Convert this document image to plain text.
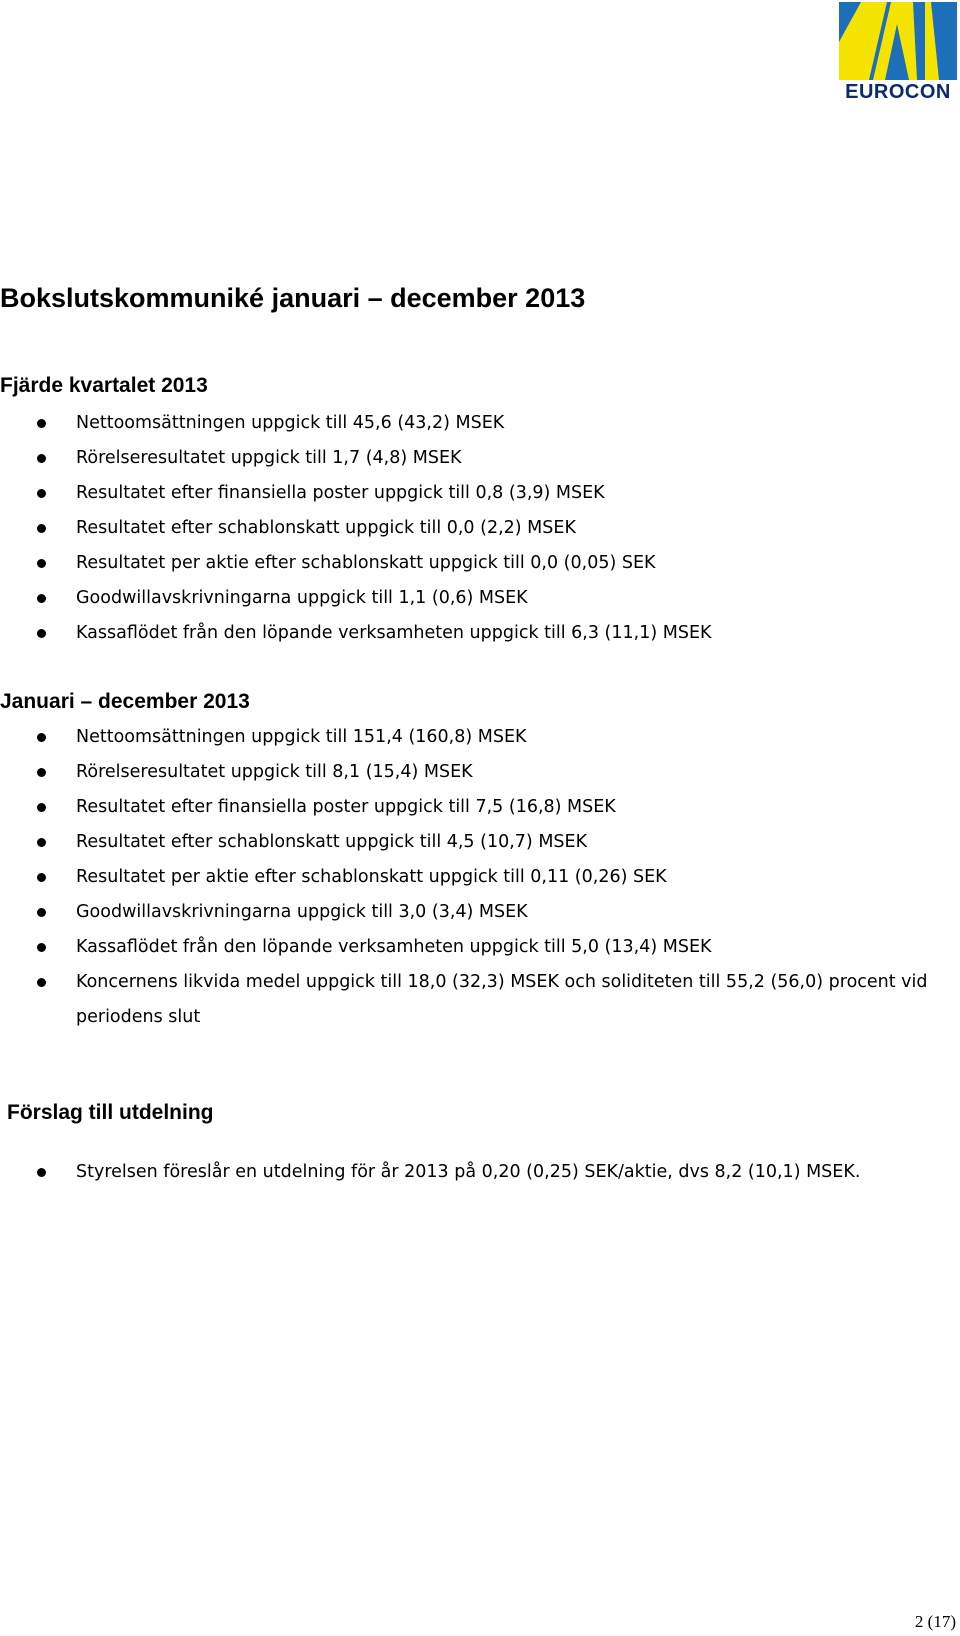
EUROCON
Bokslutskommuniké januari – december 2013
Fjärde kvartalet 2013
Nettoomsättningen uppgick till 45,6 (43,2) MSEK
Rörelseresultatet uppgick till 1,7 (4,8) MSEK
Resultatet efter finansiella poster uppgick till 0,8 (3,9) MSEK
Resultatet efter schablonskatt uppgick till 0,0 (2,2) MSEK
Resultatet per aktie efter schablonskatt uppgick till 0,0 (0,05) SEK
Goodwillavskrivningarna uppgick till 1,1 (0,6) MSEK
Kassaflödet från den löpande verksamheten uppgick till 6,3 (11,1) MSEK
Januari – december 2013
Nettoomsättningen uppgick till 151,4 (160,8) MSEK
Rörelseresultatet uppgick till 8,1 (15,4) MSEK
Resultatet efter finansiella poster uppgick till 7,5 (16,8) MSEK
Resultatet efter schablonskatt uppgick till 4,5 (10,7) MSEK
Resultatet per aktie efter schablonskatt uppgick till 0,11 (0,26) SEK
Goodwillavskrivningarna uppgick till 3,0 (3,4) MSEK
Kassaflödet från den löpande verksamheten uppgick till 5,0 (13,4) MSEK
Koncernens likvida medel uppgick till 18,0 (32,3) MSEK och soliditeten till 55,2 (56,0) procent vid periodens slut
Förslag till utdelning
Styrelsen föreslår en utdelning för år 2013 på 0,20 (0,25) SEK/aktie, dvs 8,2 (10,1) MSEK.
2 (17)
